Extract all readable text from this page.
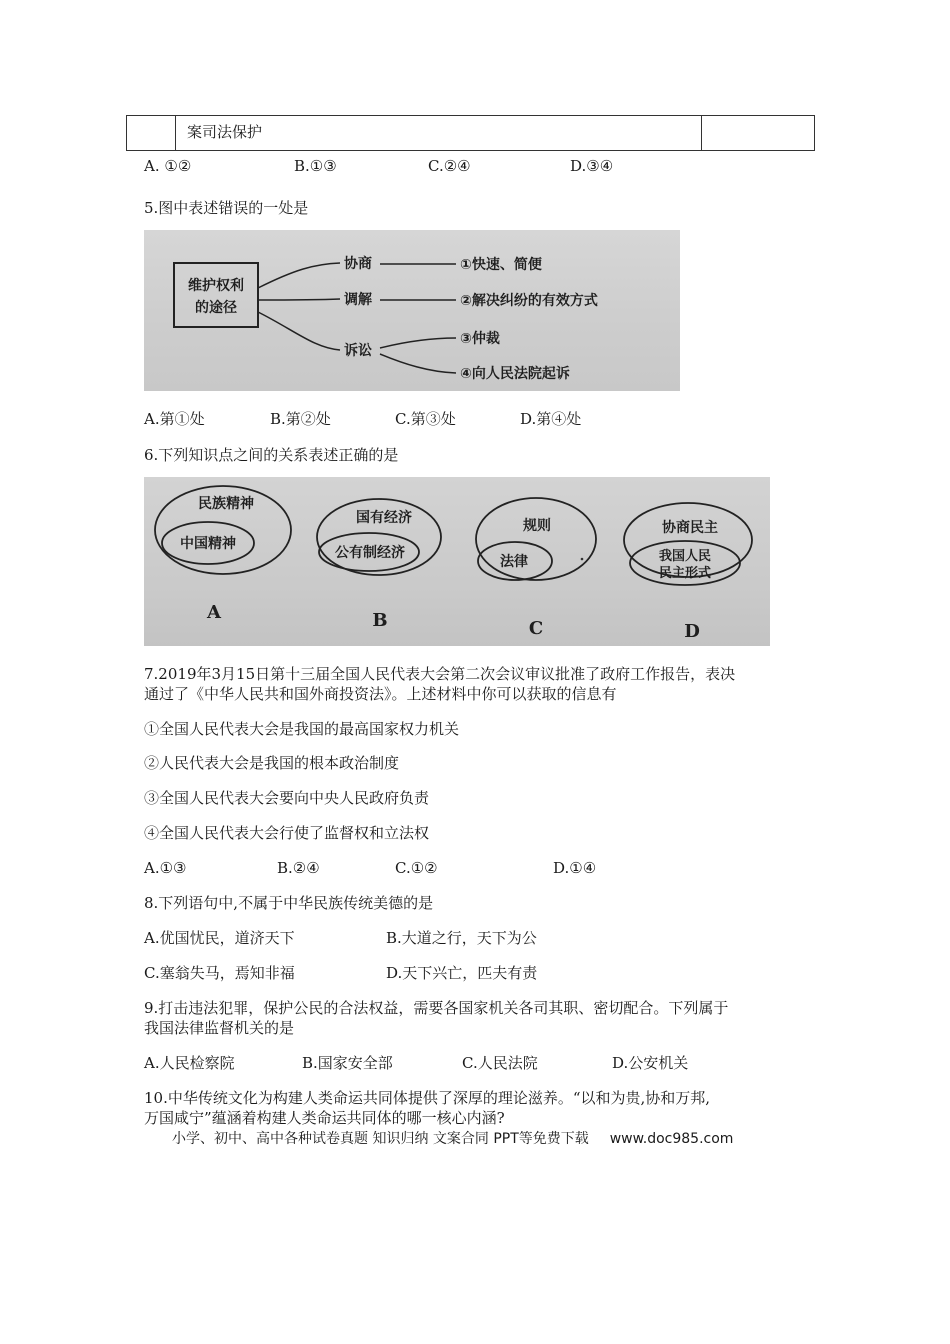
案司法保护
A. ①②	B.①③	C.②④	D.③④
5.图中表述错误的一处是
维护权利
的途径
协商
调解
诉讼
①快速、简便
②解决纠纷的有效方式
③仲裁
④向人民法院起诉
A.第①处	B.第②处	C.第③处	D.第④处
6.下列知识点之间的关系表述正确的是
民族精神
中国精神
国有经济
公有制经济
规则
法律
协商民主
我国人民
民主形式
A	B	C	D
7.2019年3月15日第十三届全国人民代表大会第二次会议审议批准了政府工作报告，表决
通过了《中华人民共和国外商投资法》。上述材料中你可以获取的信息有
①全国人民代表大会是我国的最高国家权力机关
②人民代表大会是我国的根本政治制度
③全国人民代表大会要向中央人民政府负责
④全国人民代表大会行使了监督权和立法权
A.①③	B.②④	C.①②	D.①④
8.下列语句中,不属于中华民族传统美德的是
A.优国忧民，道济天下	B.大道之行，天下为公
C.塞翁失马，焉知非福	D.天下兴亡，匹夫有责
9.打击违法犯罪，保护公民的合法权益，需要各国家机关各司其职、密切配合。下列属于
我国法律监督机关的是
A.人民检察院	B.国家安全部	C.人民法院	D.公安机关
10.中华传统文化为构建人类命运共同体提供了深厚的理论滋养。“以和为贵,协和万邦,
万国咸宁”蕴涵着构建人类命运共同体的哪一核心内涵?
小学、初中、高中各种试卷真题 知识归纳 文案合同 PPT等免费下载 www.doc985.com
